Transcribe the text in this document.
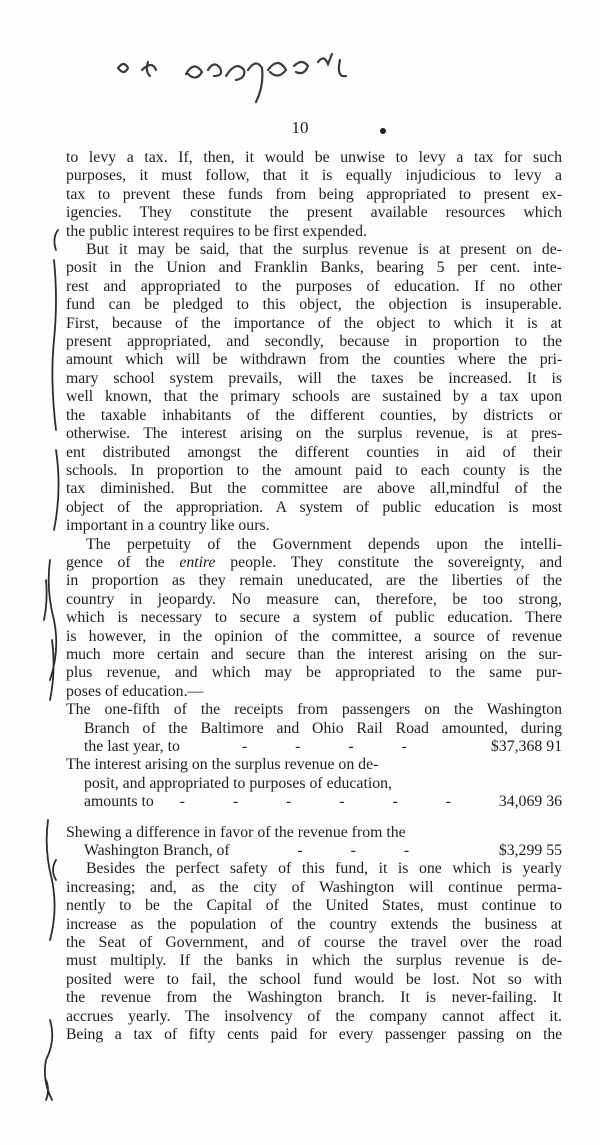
10
to levy a tax. If, then, it would be unwise to levy a tax for such
purposes, it must follow, that it is equally injudicious to levy a
tax to prevent these funds from being appropriated to present ex-
igencies. They constitute the present available resources which
the public interest requires to be first expended.
But it may be said, that the surplus revenue is at present on de-
posit in the Union and Franklin Banks, bearing 5 per cent. inte-
rest and appropriated to the purposes of education. If no other
fund can be pledged to this object, the objection is insuperable.
First, because of the importance of the object to which it is at
present appropriated, and secondly, because in proportion to the
amount which will be withdrawn from the counties where the pri-
mary school system prevails, will the taxes be increased. It is
well known, that the primary schools are sustained by a tax upon
the taxable inhabitants of the different counties, by districts or
otherwise. The interest arising on the surplus revenue, is at pres-
ent distributed amongst the different counties in aid of their
schools. In proportion to the amount paid to each county is the
tax diminished. But the committee are above all,mindful of the
object of the appropriation. A system of public education is most
important in a country like ours.
The perpetuity of the Government depends upon the intelli-
gence of the entire people. They constitute the sovereignty, and
in proportion as they remain uneducated, are the liberties of the
country in jeopardy. No measure can, therefore, be too strong,
which is necessary to secure a system of public education. There
is however, in the opinion of the committee, a source of revenue
much more certain and secure than the interest arising on the sur-
plus revenue, and which may be appropriated to the same pur-
poses of education.—
The one-fifth of the receipts from passengers on the Washington
Branch of the Baltimore and Ohio Rail Road amounted, during
the last year, to	- - - -	$37,368 91
The interest arising on the surplus revenue on de-
posit, and appropriated to purposes of education,
amounts to	- - - - - -	34,069 36
Shewing a difference in favor of the revenue from the
Washington Branch, of	- - -	$3,299 55
Besides the perfect safety of this fund, it is one which is yearly
increasing; and, as the city of Washington will continue perma-
nently to be the Capital of the United States, must continue to
increase as the population of the country extends the business at
the Seat of Government, and of course the travel over the road
must multiply. If the banks in which the surplus revenue is de-
posited were to fail, the school fund would be lost. Not so with
the revenue from the Washington branch. It is never-failing. It
accrues yearly. The insolvency of the company cannot affect it.
Being a tax of fifty cents paid for every passenger passing on the
